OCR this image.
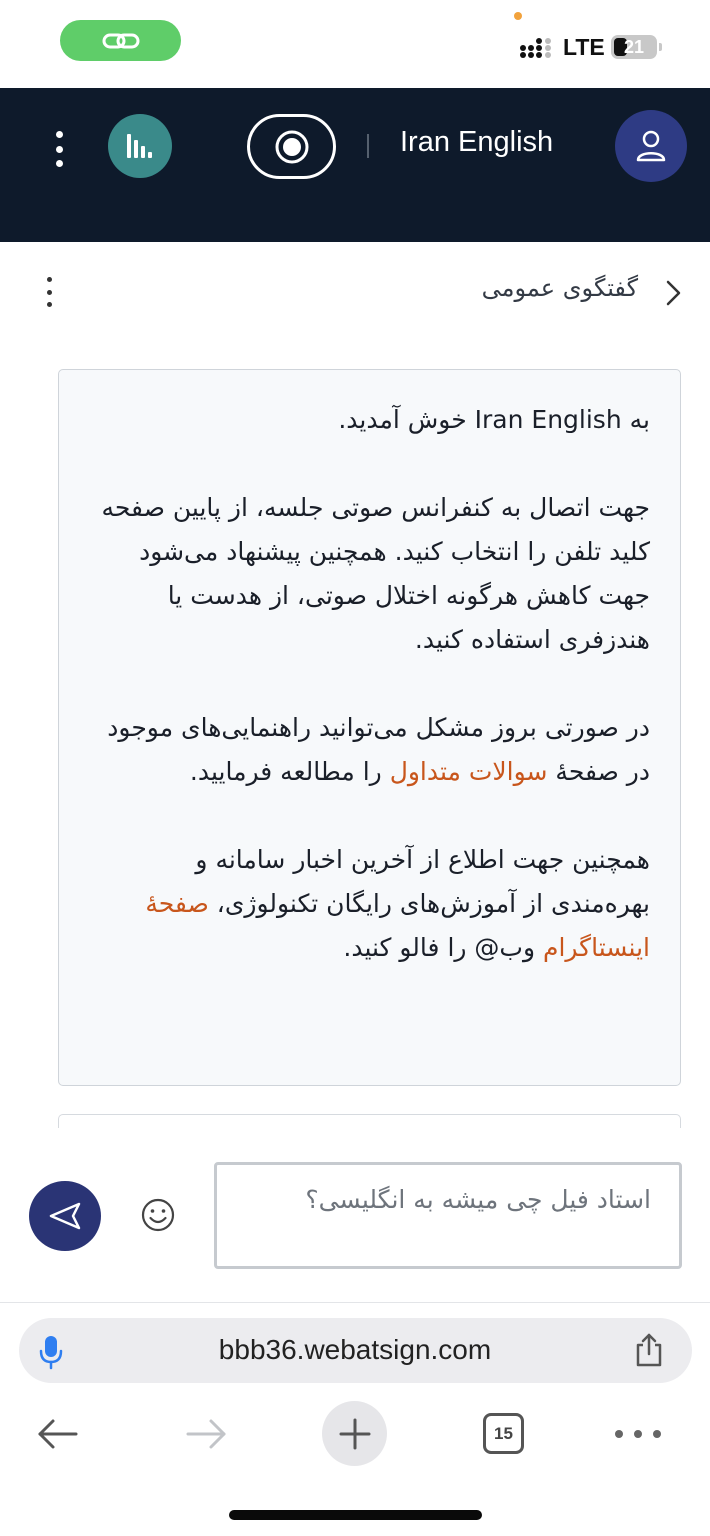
LTE	21
Iran English
گفتگوی عمومی

به Iran English خوش آمدید.

جهت اتصال به کنفرانس صوتی جلسه، از پایین صفحه کلید تلفن را انتخاب کنید. همچنین پیشنهاد می‌شود جهت کاهش هرگونه اختلال صوتی، از هدست یا هندزفری استفاده کنید.

در صورتی بروز مشکل می‌توانید راهنمایی‌های موجود در صفحهٔ سوالات متداول را مطالعه فرمایید.

همچنین جهت اطلاع از آخرین اخبار سامانه و بهره‌مندی از آموزش‌های رایگان تکنولوژی، صفحهٔ اینستاگرام وب@ را فالو کنید.

استاد فیل چی میشه به انگلیسی؟
bbb36.webatsign.com
15
